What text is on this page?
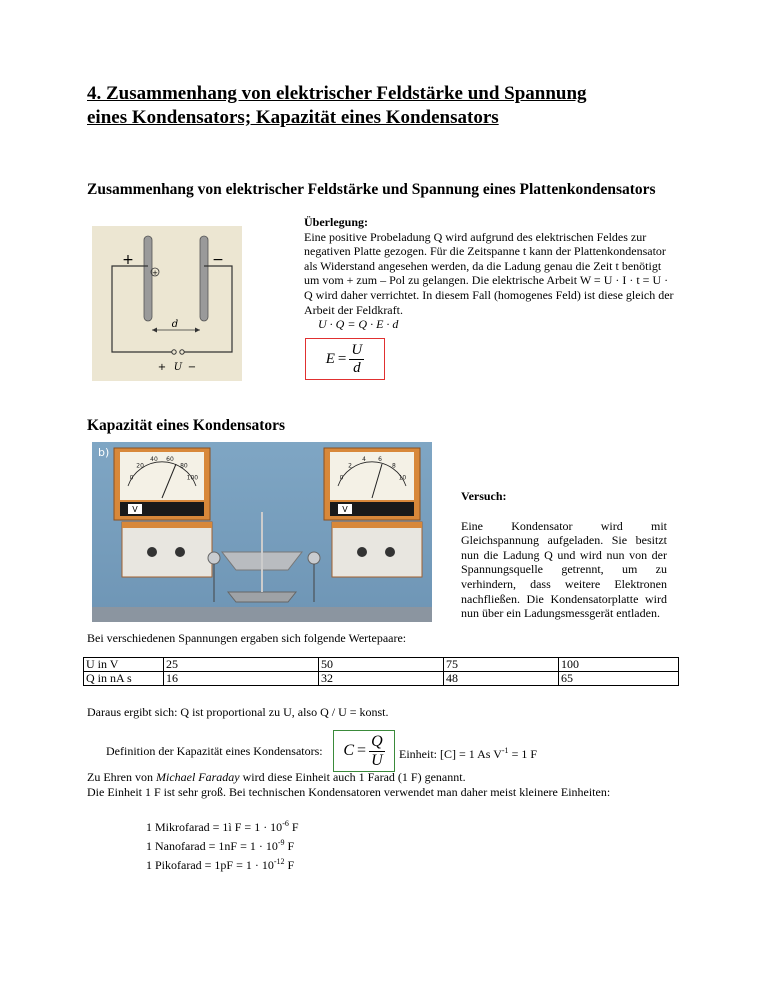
4. Zusammenhang von elektrischer Feldstärke und Spannung
eines Kondensators; Kapazität eines Kondensators
Zusammenhang von elektrischer Feldstärke und Spannung eines Plattenkondensators
+
d
+	−
+ U −
Überlegung:
Eine positive Probeladung Q wird aufgrund des elektrischen Feldes zur negativen Platte gezogen. Für die Zeitspanne t kann der Plattenkondensator als Widerstand angesehen werden, da die Ladung genau die Zeit t benötigt um vom + zum – Pol zu gelangen. Die elektrische Arbeit W = U · I · t = U · Q wird daher verrichtet. In diesem Fall (homogenes Feld) ist diese gleich der Arbeit der Feldkraft.
U · Q = Q · E · d
$E = \frac{U}{d}$
Kapazität eines Kondensators
b)
0
20
40 60
80
100
V
0
2
4 6
8
10
V
Versuch:
Eine Kondensator wird mit Gleichspannung aufgeladen. Sie besitzt nun die Ladung Q und wird nun von der Spannungsquelle getrennt, um zu verhindern, dass weitere Elektronen nachfließen. Die Kondensatorplatte wird nun über ein Ladungsmessgerät entladen.
Bei verschiedenen Spannungen ergaben sich folgende Wertepaare:
U in V	25	50	75	100
Q in nA s	16	32	48	65
Daraus ergibt sich: Q ist proportional zu U, also Q / U = konst.
Definition der Kapazität eines Kondensators: $C = \frac{Q}{U}$ Einheit: [C] = 1 As $V^{-1} = 1$ F
Zu Ehren von Michael Faraday wird diese Einheit auch 1 Farad (1 F) genannt.
Die Einheit 1 F ist sehr groß. Bei technischen Kondensatoren verwendet man daher meist kleinere Einheiten:
1 Mikrofarad = 1ì $F = 1 \cdot 10^{-6}$ F
1 Nanofarad = $1nF = 1 \cdot 10^{-9}$ F
1 Pikofarad = $1pF = 1 \cdot 10^{-12}$ F
